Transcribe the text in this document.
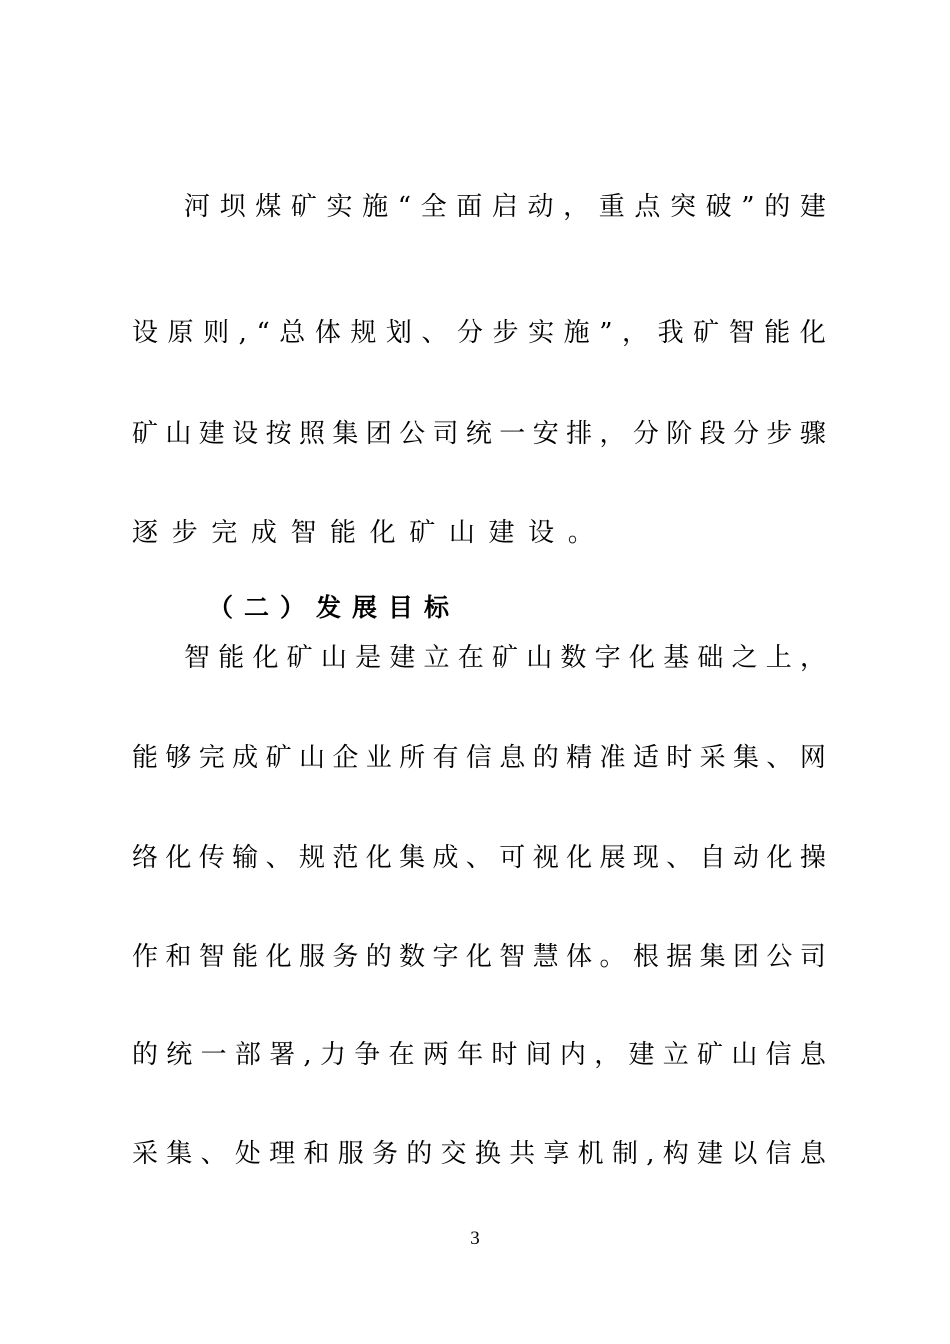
河 坝 煤 矿 实 施 “ 全 面 启 动 ， 重 点 突 破 ” 的 建
设 原 则 , “ 总 体 规 划 、 分 步 实 施 ” ， 我 矿 智 能 化
矿 山 建 设 按 照 集 团 公 司 统 一 安 排 ， 分 阶 段 分 步 骤
逐 步 完 成 智 能 化 矿 山 建 设 。
（二）发展目标
智 能 化 矿 山 是 建 立 在 矿 山 数 字 化 基 础 之 上 ，
能 够 完 成 矿 山 企 业 所 有 信 息 的 精 准 适 时 采 集 、 网
络 化 传 输 、 规 范 化 集 成 、 可 视 化 展 现 、 自 动 化 操
作 和 智 能 化 服 务 的 数 字 化 智 慧 体 。 根 据 集 团 公 司
的 统 一 部 署 , 力 争 在 两 年 时 间 内 ， 建 立 矿 山 信 息
采 集 、 处 理 和 服 务 的 交 换 共 享 机 制 , 构 建 以 信 息
3
